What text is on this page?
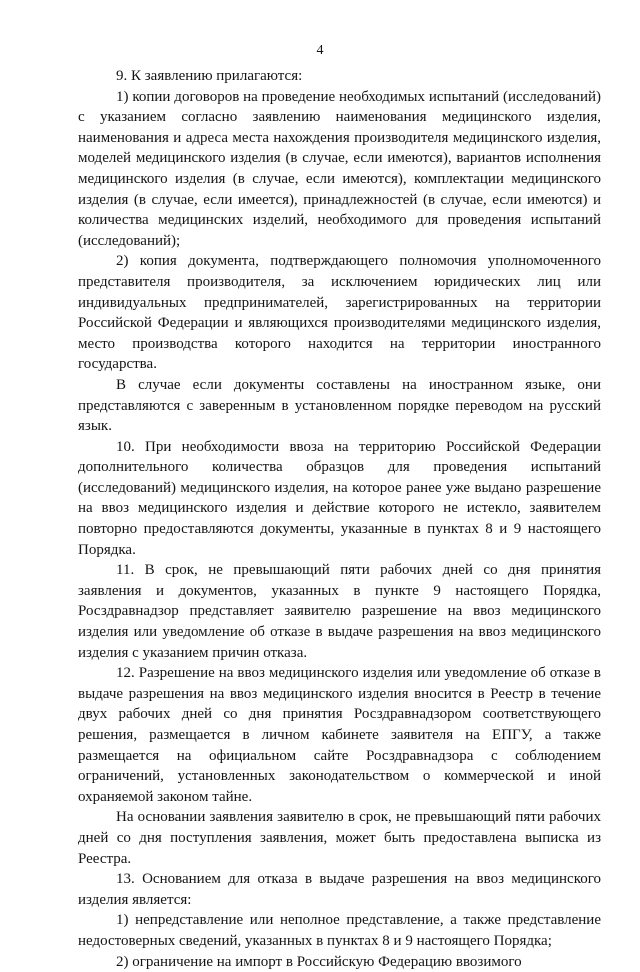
4

9. К заявлению прилагаются:

1) копии договоров на проведение необходимых испытаний (исследований) с указанием согласно заявлению наименования медицинского изделия, наименования и адреса места нахождения производителя медицинского изделия, моделей медицинского изделия (в случае, если имеются), вариантов исполнения медицинского изделия (в случае, если имеются), комплектации медицинского изделия (в случае, если имеется), принадлежностей (в случае, если имеются) и количества медицинских изделий, необходимого для проведения испытаний (исследований);

2) копия документа, подтверждающего полномочия уполномоченного представителя производителя, за исключением юридических лиц или индивидуальных предпринимателей, зарегистрированных на территории Российской Федерации и являющихся производителями медицинского изделия, место производства которого находится на территории иностранного государства.

В случае если документы составлены на иностранном языке, они представляются с заверенным в установленном порядке переводом на русский язык.

10. При необходимости ввоза на территорию Российской Федерации дополнительного количества образцов для проведения испытаний (исследований) медицинского изделия, на которое ранее уже выдано разрешение на ввоз медицинского изделия и действие которого не истекло, заявителем повторно предоставляются документы, указанные в пунктах 8 и 9 настоящего Порядка.

11. В срок, не превышающий пяти рабочих дней со дня принятия заявления и документов, указанных в пункте 9 настоящего Порядка, Росздравнадзор представляет заявителю разрешение на ввоз медицинского изделия или уведомление об отказе в выдаче разрешения на ввоз медицинского изделия с указанием причин отказа.

12. Разрешение на ввоз медицинского изделия или уведомление об отказе в выдаче разрешения на ввоз медицинского изделия вносится в Реестр в течение двух рабочих дней со дня принятия Росздравнадзором соответствующего решения, размещается в личном кабинете заявителя на ЕПГУ, а также размещается на официальном сайте Росздравнадзора с соблюдением ограничений, установленных законодательством о коммерческой и иной охраняемой законом тайне.

На основании заявления заявителю в срок, не превышающий пяти рабочих дней со дня поступления заявления, может быть предоставлена выписка из Реестра.

13. Основанием для отказа в выдаче разрешения на ввоз медицинского изделия является:

1) непредставление или неполное представление, а также представление недостоверных сведений, указанных в пунктах 8 и 9 настоящего Порядка;

2) ограничение на импорт в Российскую Федерацию ввозимого
